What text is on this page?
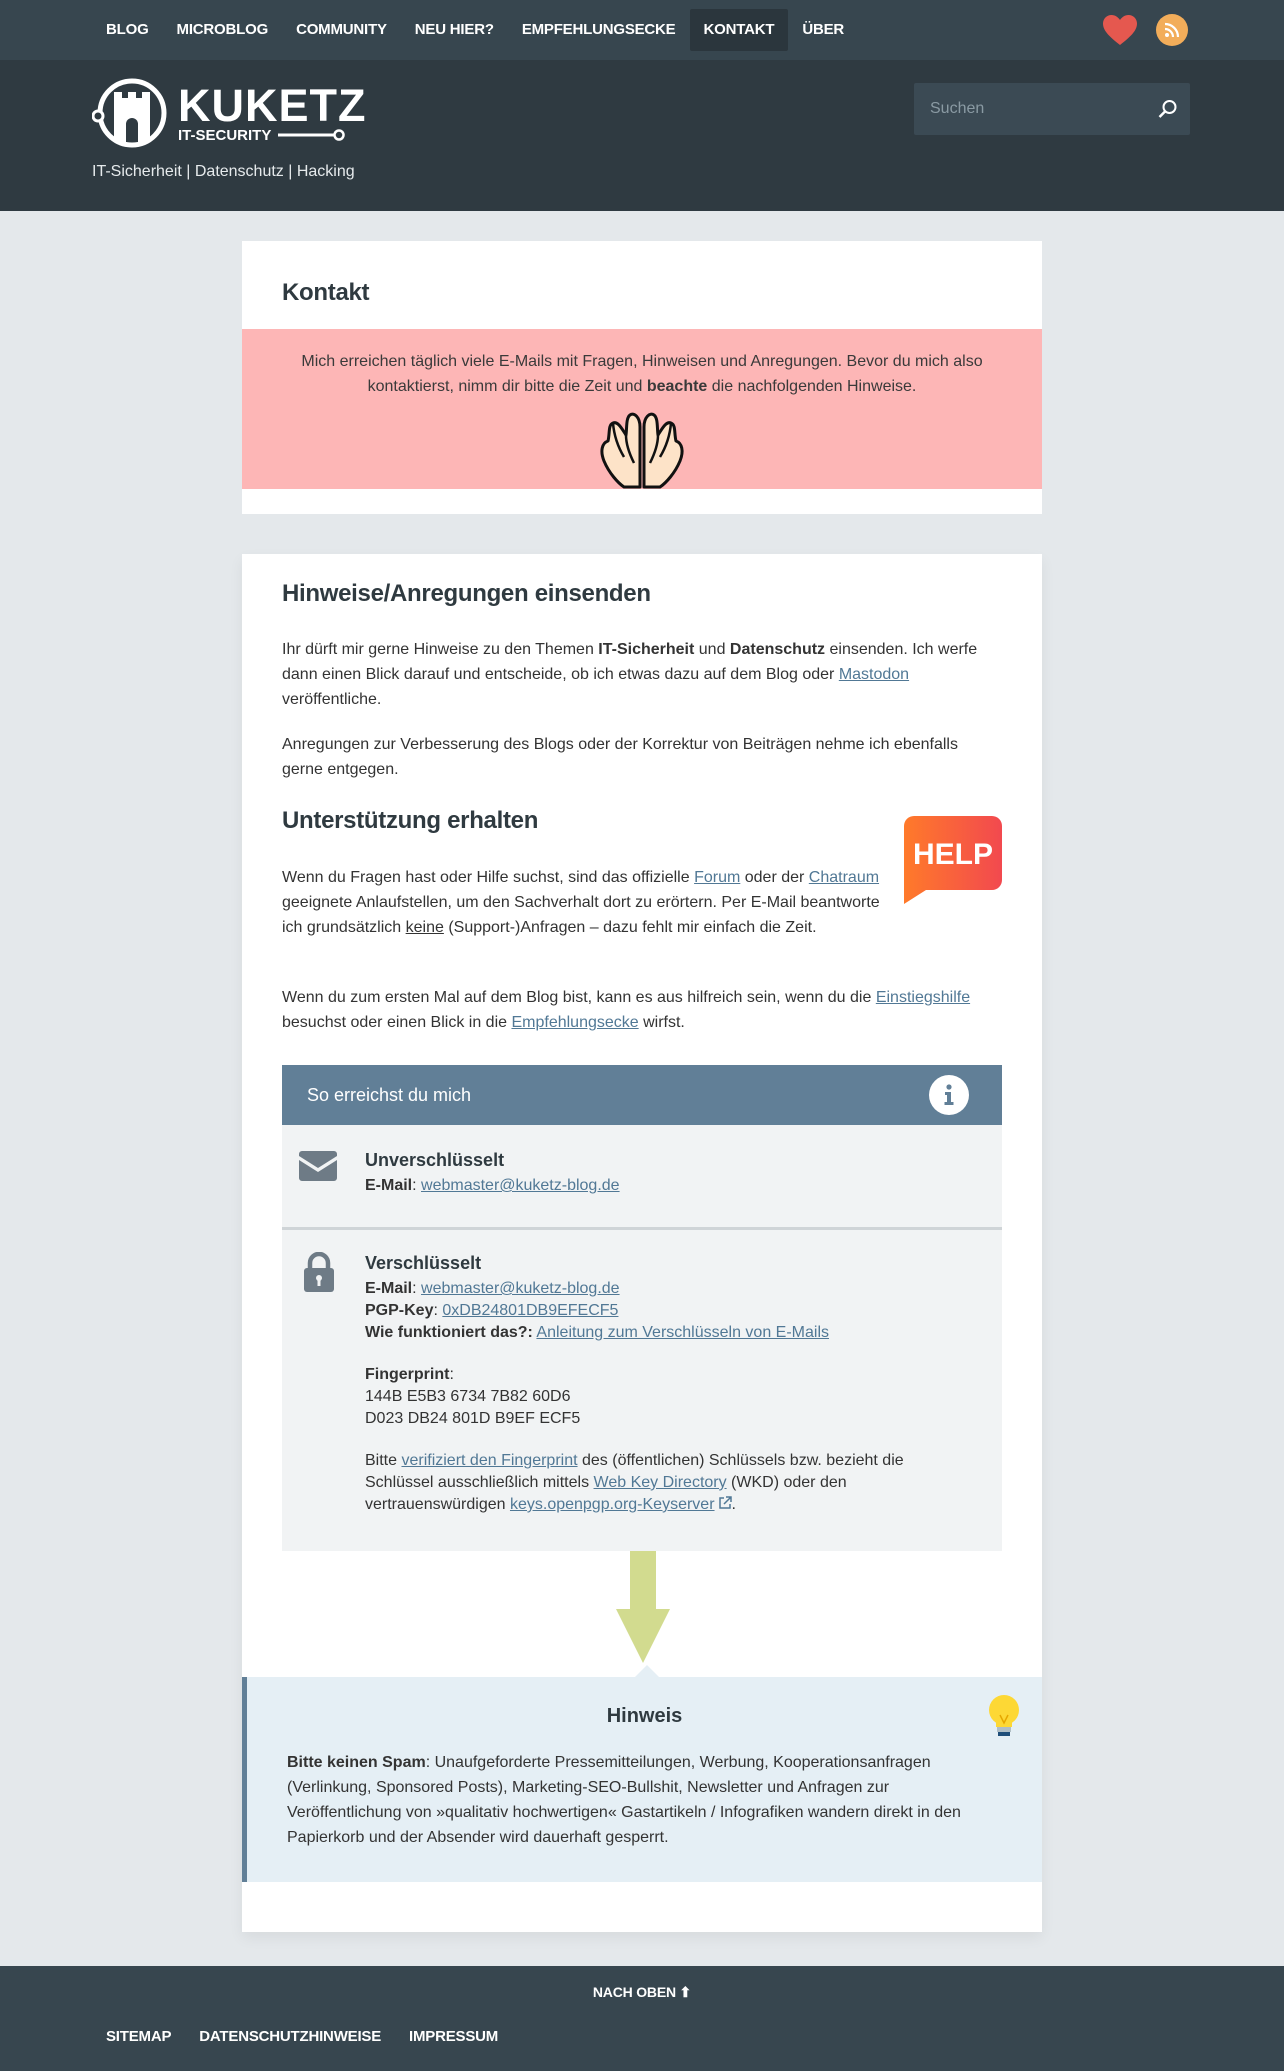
BLOG	MICROBLOG	COMMUNITY	NEU HIER?	EMPFEHLUNGSECKE	KONTAKT	ÜBER
KUKETZ
IT-SECURITY
IT-Sicherheit | Datenschutz | Hacking
Suchen
Kontakt
Mich erreichen täglich viele E-Mails mit Fragen, Hinweisen und Anregungen. Bevor du mich also kontaktierst, nimm dir bitte die Zeit und beachte die nachfolgenden Hinweise.
Hinweise/Anregungen einsenden

Ihr dürft mir gerne Hinweise zu den Themen IT-Sicherheit und Datenschutz einsenden. Ich werfe dann einen Blick darauf und entscheide, ob ich etwas dazu auf dem Blog oder Mastodon veröffentliche.

Anregungen zur Verbesserung des Blogs oder der Korrektur von Beiträgen nehme ich ebenfalls gerne entgegen.

Unterstützung erhalten
HELP

Wenn du Fragen hast oder Hilfe suchst, sind das offizielle Forum oder der Chatraum geeignete Anlaufstellen, um den Sachverhalt dort zu erörtern. Per E-Mail beantworte ich grundsätzlich keine (Support-)Anfragen – dazu fehlt mir einfach die Zeit.

Wenn du zum ersten Mal auf dem Blog bist, kann es aus hilfreich sein, wenn du die Einstiegshilfe besuchst oder einen Blick in die Empfehlungsecke wirfst.

So erreichst du mich
Unverschlüsselt
E-Mail: webmaster@kuketz-blog.de
Verschlüsselt
E-Mail: webmaster@kuketz-blog.de
PGP-Key: 0xDB24801DB9EFECF5
Wie funktioniert das?: Anleitung zum Verschlüsseln von E-Mails
Fingerprint:
144B E5B3 6734 7B82 60D6
D023 DB24 801D B9EF ECF5
Bitte verifiziert den Fingerprint des (öffentlichen) Schlüssels bzw. bezieht die Schlüssel ausschließlich mittels Web Key Directory (WKD) oder den vertrauenswürdigen keys.openpgp.org-Keyserver .
Hinweis

Bitte keinen Spam: Unaufgeforderte Pressemitteilungen, Werbung, Kooperationsanfragen (Verlinkung, Sponsored Posts), Marketing-SEO-Bullshit, Newsletter und Anfragen zur Veröffentlichung von »qualitativ hochwertigen« Gastartikeln / Infografiken wandern direkt in den Papierkorb und der Absender wird dauerhaft gesperrt.

NACH OBEN ⬆
SITEMAP	DATENSCHUTZHINWEISE	IMPRESSUM
